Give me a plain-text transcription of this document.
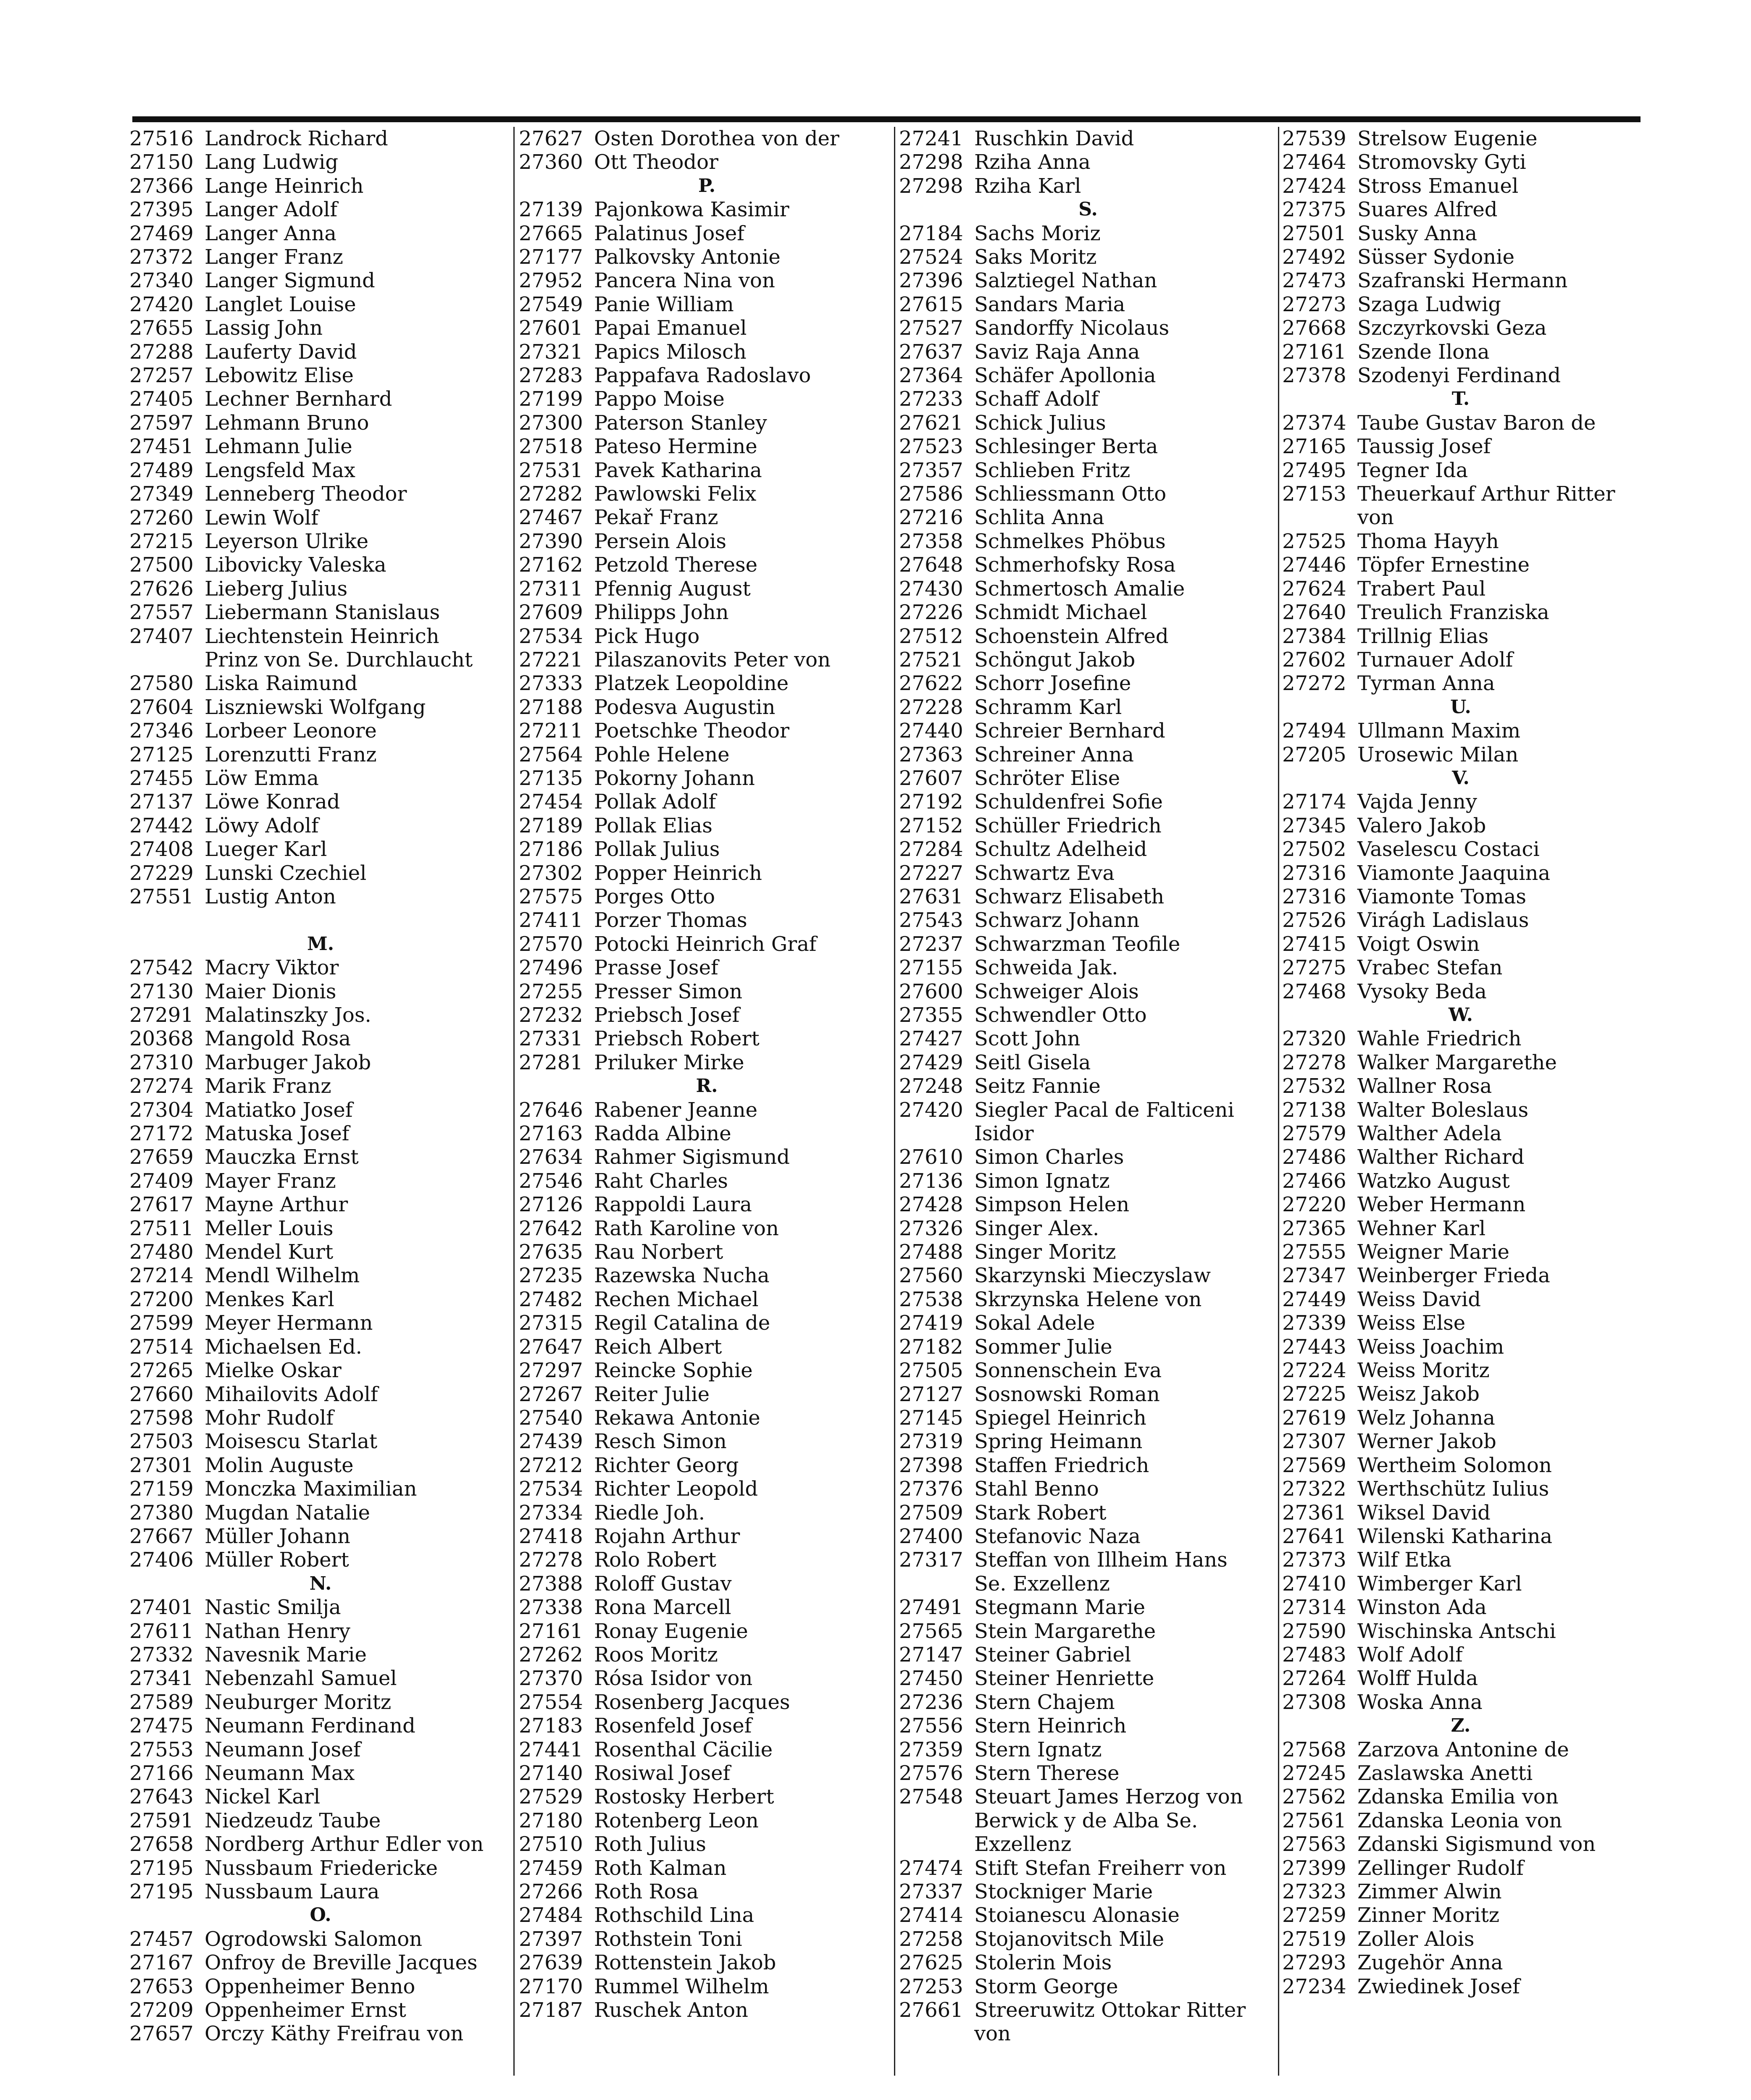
27516 Landrock Richard
27150 Lang Ludwig
27366 Lange Heinrich
27395 Langer Adolf
27469 Langer Anna
27372 Langer Franz
27340 Langer Sigmund
27420 Langlet Louise
27655 Lassig John
27288 Lauferty David
27257 Lebowitz Elise
27405 Lechner Bernhard
27597 Lehmann Bruno
27451 Lehmann Julie
27489 Lengsfeld Max
27349 Lenneberg Theodor
27260 Lewin Wolf
27215 Leyerson Ulrike
27500 Libovicky Valeska
27626 Lieberg Julius
27557 Liebermann Stanislaus
27407 Liechtenstein Heinrich
Prinz von Se. Durchlaucht
27580 Liska Raimund
27604 Liszniewski Wolfgang
27346 Lorbeer Leonore
27125 Lorenzutti Franz
27455 Löw Emma
27137 Löwe Konrad
27442 Löwy Adolf
27408 Lueger Karl
27229 Lunski Czechiel
27551 Lustig Anton
M.
27542 Macry Viktor
27130 Maier Dionis
27291 Malatinszky Jos.
20368 Mangold Rosa
27310 Marbuger Jakob
27274 Marik Franz
27304 Matiatko Josef
27172 Matuska Josef
27659 Mauczka Ernst
27409 Mayer Franz
27617 Mayne Arthur
27511 Meller Louis
27480 Mendel Kurt
27214 Mendl Wilhelm
27200 Menkes Karl
27599 Meyer Hermann
27514 Michaelsen Ed.
27265 Mielke Oskar
27660 Mihailovits Adolf
27598 Mohr Rudolf
27503 Moisescu Starlat
27301 Molin Auguste
27159 Monczka Maximilian
27380 Mugdan Natalie
27667 Müller Johann
27406 Müller Robert
N.
27401 Nastic Smilja
27611 Nathan Henry
27332 Navesnik Marie
27341 Nebenzahl Samuel
27589 Neuburger Moritz
27475 Neumann Ferdinand
27553 Neumann Josef
27166 Neumann Max
27643 Nickel Karl
27591 Niedzeudz Taube
27658 Nordberg Arthur Edler von
27195 Nussbaum Friedericke
27195 Nussbaum Laura
O.
27457 Ogrodowski Salomon
27167 Onfroy de Breville Jacques
27653 Oppenheimer Benno
27209 Oppenheimer Ernst
27657 Orczy Käthy Freifrau von
27627 Osten Dorothea von der
27360 Ott Theodor
P.
27139 Pajonkowa Kasimir
27665 Palatinus Josef
27177 Palkovsky Antonie
27952 Pancera Nina von
27549 Panie William
27601 Papai Emanuel
27321 Papics Milosch
27283 Pappafava Radoslavo
27199 Pappo Moise
27300 Paterson Stanley
27518 Pateso Hermine
27531 Pavek Katharina
27282 Pawlowski Felix
27467 Pekař Franz
27390 Persein Alois
27162 Petzold Therese
27311 Pfennig August
27609 Philipps John
27534 Pick Hugo
27221 Pilaszanovits Peter von
27333 Platzek Leopoldine
27188 Podesva Augustin
27211 Poetschke Theodor
27564 Pohle Helene
27135 Pokorny Johann
27454 Pollak Adolf
27189 Pollak Elias
27186 Pollak Julius
27302 Popper Heinrich
27575 Porges Otto
27411 Porzer Thomas
27570 Potocki Heinrich Graf
27496 Prasse Josef
27255 Presser Simon
27232 Priebsch Josef
27331 Priebsch Robert
27281 Priluker Mirke
R.
27646 Rabener Jeanne
27163 Radda Albine
27634 Rahmer Sigismund
27546 Raht Charles
27126 Rappoldi Laura
27642 Rath Karoline von
27635 Rau Norbert
27235 Razewska Nucha
27482 Rechen Michael
27315 Regil Catalina de
27647 Reich Albert
27297 Reincke Sophie
27267 Reiter Julie
27540 Rekawa Antonie
27439 Resch Simon
27212 Richter Georg
27534 Richter Leopold
27334 Riedle Joh.
27418 Rojahn Arthur
27278 Rolo Robert
27388 Roloff Gustav
27338 Rona Marcell
27161 Ronay Eugenie
27262 Roos Moritz
27370 Rósa Isidor von
27554 Rosenberg Jacques
27183 Rosenfeld Josef
27441 Rosenthal Cäcilie
27140 Rosiwal Josef
27529 Rostosky Herbert
27180 Rotenberg Leon
27510 Roth Julius
27459 Roth Kalman
27266 Roth Rosa
27484 Rothschild Lina
27397 Rothstein Toni
27639 Rottenstein Jakob
27170 Rummel Wilhelm
27187 Ruschek Anton
27241 Ruschkin David
27298 Rziha Anna
27298 Rziha Karl
S.
27184 Sachs Moriz
27524 Saks Moritz
27396 Salztiegel Nathan
27615 Sandars Maria
27527 Sandorffy Nicolaus
27637 Saviz Raja Anna
27364 Schäfer Apollonia
27233 Schaff Adolf
27621 Schick Julius
27523 Schlesinger Berta
27357 Schlieben Fritz
27586 Schliessmann Otto
27216 Schlita Anna
27358 Schmelkes Phöbus
27648 Schmerhofsky Rosa
27430 Schmertosch Amalie
27226 Schmidt Michael
27512 Schoenstein Alfred
27521 Schöngut Jakob
27622 Schorr Josefine
27228 Schramm Karl
27440 Schreier Bernhard
27363 Schreiner Anna
27607 Schröter Elise
27192 Schuldenfrei Sofie
27152 Schüller Friedrich
27284 Schultz Adelheid
27227 Schwartz Eva
27631 Schwarz Elisabeth
27543 Schwarz Johann
27237 Schwarzman Teofile
27155 Schweida Jak.
27600 Schweiger Alois
27355 Schwendler Otto
27427 Scott John
27429 Seitl Gisela
27248 Seitz Fannie
27420 Siegler Pacal de Falticeni
Isidor
27610 Simon Charles
27136 Simon Ignatz
27428 Simpson Helen
27326 Singer Alex.
27488 Singer Moritz
27560 Skarzynski Mieczyslaw
27538 Skrzynska Helene von
27419 Sokal Adele
27182 Sommer Julie
27505 Sonnenschein Eva
27127 Sosnowski Roman
27145 Spiegel Heinrich
27319 Spring Heimann
27398 Staffen Friedrich
27376 Stahl Benno
27509 Stark Robert
27400 Stefanovic Naza
27317 Steffan von Illheim Hans
Se. Exzellenz
27491 Stegmann Marie
27565 Stein Margarethe
27147 Steiner Gabriel
27450 Steiner Henriette
27236 Stern Chajem
27556 Stern Heinrich
27359 Stern Ignatz
27576 Stern Therese
27548 Steuart James Herzog von
Berwick y de Alba Se.
Exzellenz
27474 Stift Stefan Freiherr von
27337 Stockniger Marie
27414 Stoianescu Alonasie
27258 Stojanovitsch Mile
27625 Stolerin Mois
27253 Storm George
27661 Streeruwitz Ottokar Ritter
von
27539 Strelsow Eugenie
27464 Stromovsky Gyti
27424 Stross Emanuel
27375 Suares Alfred
27501 Susky Anna
27492 Süsser Sydonie
27473 Szafranski Hermann
27273 Szaga Ludwig
27668 Szczyrkovski Geza
27161 Szende Ilona
27378 Szodenyi Ferdinand
T.
27374 Taube Gustav Baron de
27165 Taussig Josef
27495 Tegner Ida
27153 Theuerkauf Arthur Ritter
von
27525 Thoma Hayyh
27446 Töpfer Ernestine
27624 Trabert Paul
27640 Treulich Franziska
27384 Trillnig Elias
27602 Turnauer Adolf
27272 Tyrman Anna
U.
27494 Ullmann Maxim
27205 Urosewic Milan
V.
27174 Vajda Jenny
27345 Valero Jakob
27502 Vaselescu Costaci
27316 Viamonte Jaaquina
27316 Viamonte Tomas
27526 Virágh Ladislaus
27415 Voigt Oswin
27275 Vrabec Stefan
27468 Vysoky Beda
W.
27320 Wahle Friedrich
27278 Walker Margarethe
27532 Wallner Rosa
27138 Walter Boleslaus
27579 Walther Adela
27486 Walther Richard
27466 Watzko August
27220 Weber Hermann
27365 Wehner Karl
27555 Weigner Marie
27347 Weinberger Frieda
27449 Weiss David
27339 Weiss Else
27443 Weiss Joachim
27224 Weiss Moritz
27225 Weisz Jakob
27619 Welz Johanna
27307 Werner Jakob
27569 Wertheim Solomon
27322 Werthschütz Iulius
27361 Wiksel David
27641 Wilenski Katharina
27373 Wilf Etka
27410 Wimberger Karl
27314 Winston Ada
27590 Wischinska Antschi
27483 Wolf Adolf
27264 Wolff Hulda
27308 Woska Anna
Z.
27568 Zarzova Antonine de
27245 Zaslawska Anetti
27562 Zdanska Emilia von
27561 Zdanska Leonia von
27563 Zdanski Sigismund von
27399 Zellinger Rudolf
27323 Zimmer Alwin
27259 Zinner Moritz
27519 Zoller Alois
27293 Zugehör Anna
27234 Zwiedinek Josef
